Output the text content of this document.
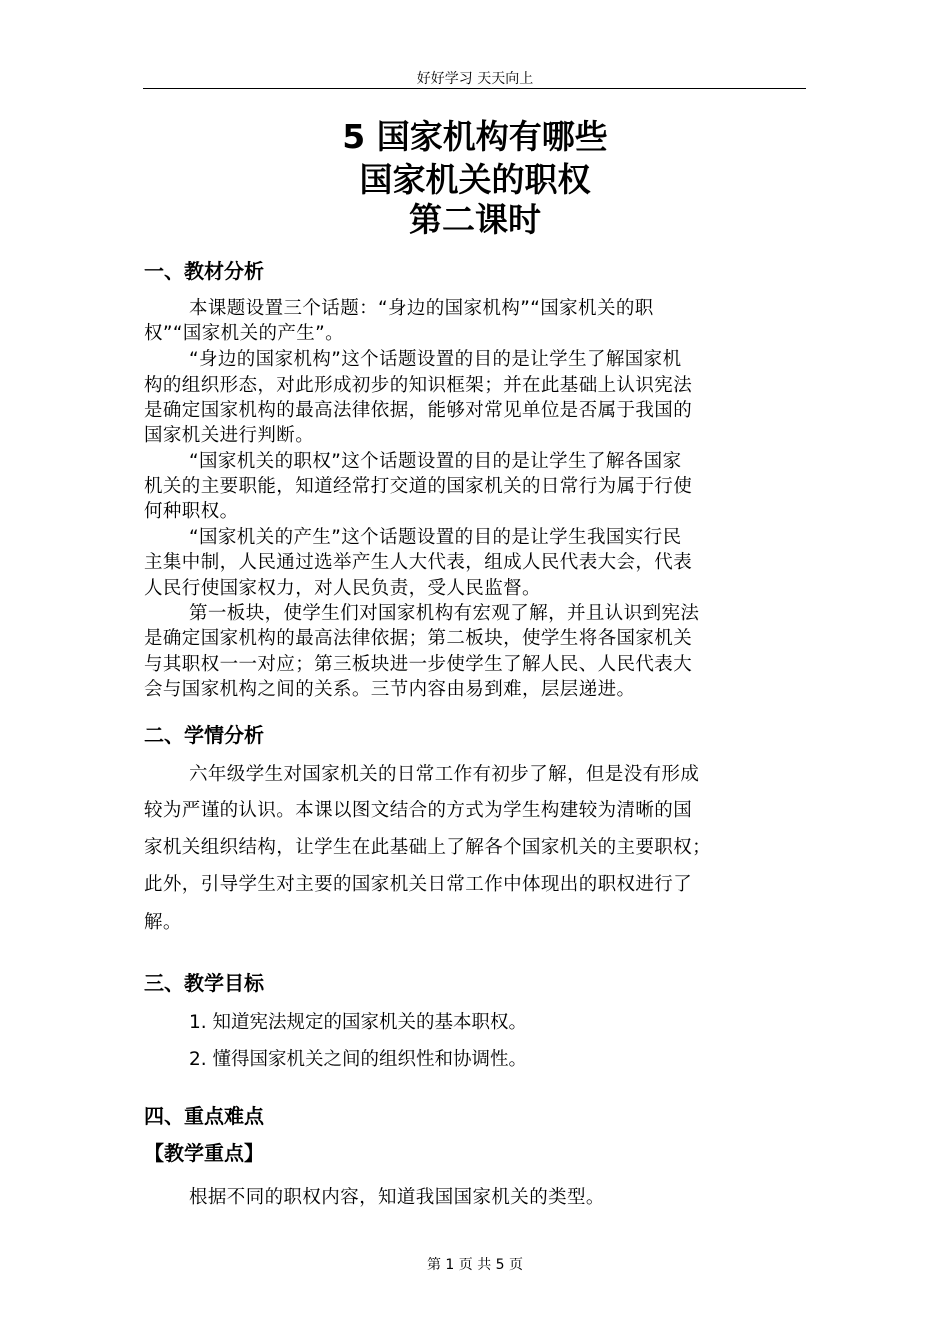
好好学习 天天向上
5 国家机构有哪些
国家机关的职权
第二课时
一、教材分析
本课题设置三个话题：“身边的国家机构”“国家机关的职
权”“国家机关的产生”。
“身边的国家机构”这个话题设置的目的是让学生了解国家机
构的组织形态，对此形成初步的知识框架；并在此基础上认识宪法
是确定国家机构的最高法律依据，能够对常见单位是否属于我国的
国家机关进行判断。
“国家机关的职权”这个话题设置的目的是让学生了解各国家
机关的主要职能，知道经常打交道的国家机关的日常行为属于行使
何种职权。
“国家机关的产生”这个话题设置的目的是让学生我国实行民
主集中制，人民通过选举产生人大代表，组成人民代表大会，代表
人民行使国家权力，对人民负责，受人民监督。
第一板块，使学生们对国家机构有宏观了解，并且认识到宪法
是确定国家机构的最高法律依据；第二板块，使学生将各国家机关
与其职权一一对应；第三板块进一步使学生了解人民、人民代表大
会与国家机构之间的关系。三节内容由易到难，层层递进。
二、学情分析
六年级学生对国家机关的日常工作有初步了解，但是没有形成
较为严谨的认识。本课以图文结合的方式为学生构建较为清晰的国
家机关组织结构，让学生在此基础上了解各个国家机关的主要职权；
此外，引导学生对主要的国家机关日常工作中体现出的职权进行了
解。
三、教学目标
1. 知道宪法规定的国家机关的基本职权。
2. 懂得国家机关之间的组织性和协调性。
四、重点难点
【教学重点】
根据不同的职权内容，知道我国国家机关的类型。
第 1 页 共 5 页
